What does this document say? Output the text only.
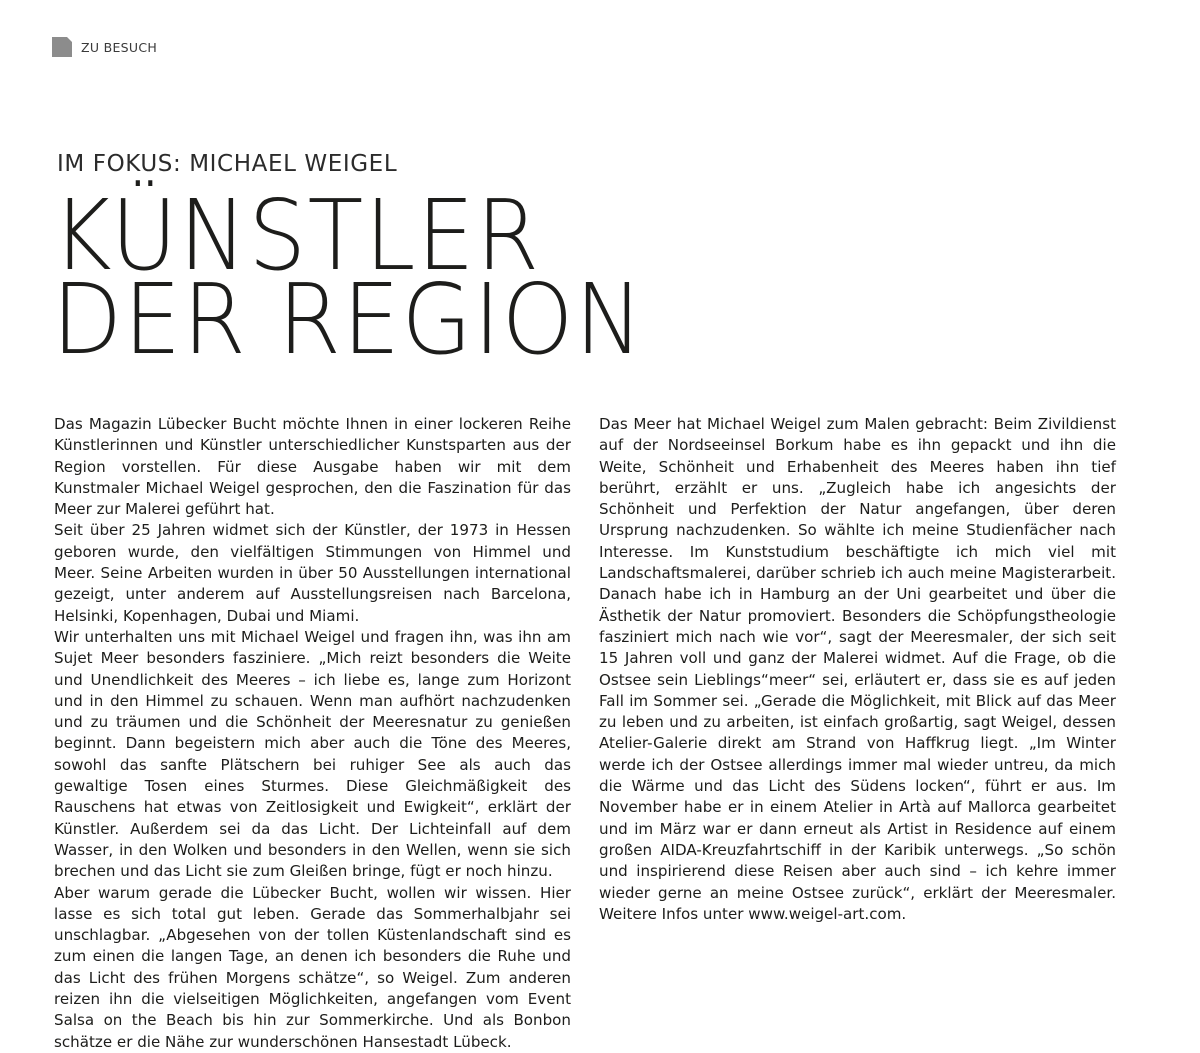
ZU BESUCH
IM FOKUS: MICHAEL WEIGEL
KÜNSTLER
DER REGION

Das Magazin Lübecker Bucht möchte Ihnen in einer lockeren Reihe Künstlerinnen und Künstler unterschiedlicher Kunstsparten aus der Region vorstellen. Für diese Ausgabe haben wir mit dem Kunstmaler Michael Weigel gesprochen, den die Faszination für das Meer zur Malerei geführt hat.

Seit über 25 Jahren widmet sich der Künstler, der 1973 in Hessen geboren wurde, den vielfältigen Stimmungen von Himmel und Meer. Seine Arbeiten wurden in über 50 Ausstellungen international gezeigt, unter anderem auf Ausstellungsreisen nach Barcelona, Helsinki, Kopenhagen, Dubai und Miami.

Wir unterhalten uns mit Michael Weigel und fragen ihn, was ihn am Sujet Meer besonders fasziniere. „Mich reizt besonders die Weite und Unendlichkeit des Meeres – ich liebe es, lange zum Horizont und in den Himmel zu schauen. Wenn man aufhört nachzudenken und zu träumen und die Schönheit der Meeresnatur zu genießen beginnt. Dann begeistern mich aber auch die Töne des Meeres, sowohl das sanfte Plätschern bei ruhiger See als auch das gewaltige Tosen eines Sturmes. Diese Gleichmäßigkeit des Rauschens hat etwas von Zeitlosigkeit und Ewigkeit“, erklärt der Künstler. Außerdem sei da das Licht. Der Lichteinfall auf dem Wasser, in den Wolken und besonders in den Wellen, wenn sie sich brechen und das Licht sie zum Gleißen bringe, fügt er noch hinzu.

Aber warum gerade die Lübecker Bucht, wollen wir wissen. Hier lasse es sich total gut leben. Gerade das Sommerhalbjahr sei unschlagbar. „Abgesehen von der tollen Küstenlandschaft sind es zum einen die langen Tage, an denen ich besonders die Ruhe und das Licht des frühen Morgens schätze“, so Weigel. Zum anderen reizen ihn die vielseitigen Möglichkeiten, angefangen vom Event Salsa on the Beach bis hin zur Sommerkirche. Und als Bonbon schätze er die Nähe zur wunderschönen Hansestadt Lübeck.

Das Meer hat Michael Weigel zum Malen gebracht: Beim Zivildienst auf der Nordseeinsel Borkum habe es ihn gepackt und ihn die Weite, Schönheit und Erhabenheit des Meeres haben ihn tief berührt, erzählt er uns. „Zugleich habe ich angesichts der Schönheit und Perfektion der Natur angefangen, über deren Ursprung nachzudenken. So wählte ich meine Studienfächer nach Interesse. Im Kunststudium beschäftigte ich mich viel mit Landschaftsmalerei, darüber schrieb ich auch meine Magisterarbeit. Danach habe ich in Hamburg an der Uni gearbeitet und über die Ästhetik der Natur promoviert. Besonders die Schöpfungstheologie fasziniert mich nach wie vor“, sagt der Meeresmaler, der sich seit 15 Jahren voll und ganz der Malerei widmet. Auf die Frage, ob die Ostsee sein Lieblings“meer“ sei, erläutert er, dass sie es auf jeden Fall im Sommer sei. „Gerade die Möglichkeit, mit Blick auf das Meer zu leben und zu arbeiten, ist einfach großartig, sagt Weigel, dessen Atelier-Galerie direkt am Strand von Haffkrug liegt. „Im Winter werde ich der Ostsee allerdings immer mal wieder untreu, da mich die Wärme und das Licht des Südens locken“, führt er aus. Im November habe er in einem Atelier in Artà auf Mallorca gearbeitet und im März war er dann erneut als Artist in Residence auf einem großen AIDA-Kreuzfahrtschiff in der Karibik unterwegs. „So schön und inspirierend diese Reisen aber auch sind – ich kehre immer wieder gerne an meine Ostsee zurück“, erklärt der Meeresmaler. Weitere Infos unter www.weigel-art.com.
